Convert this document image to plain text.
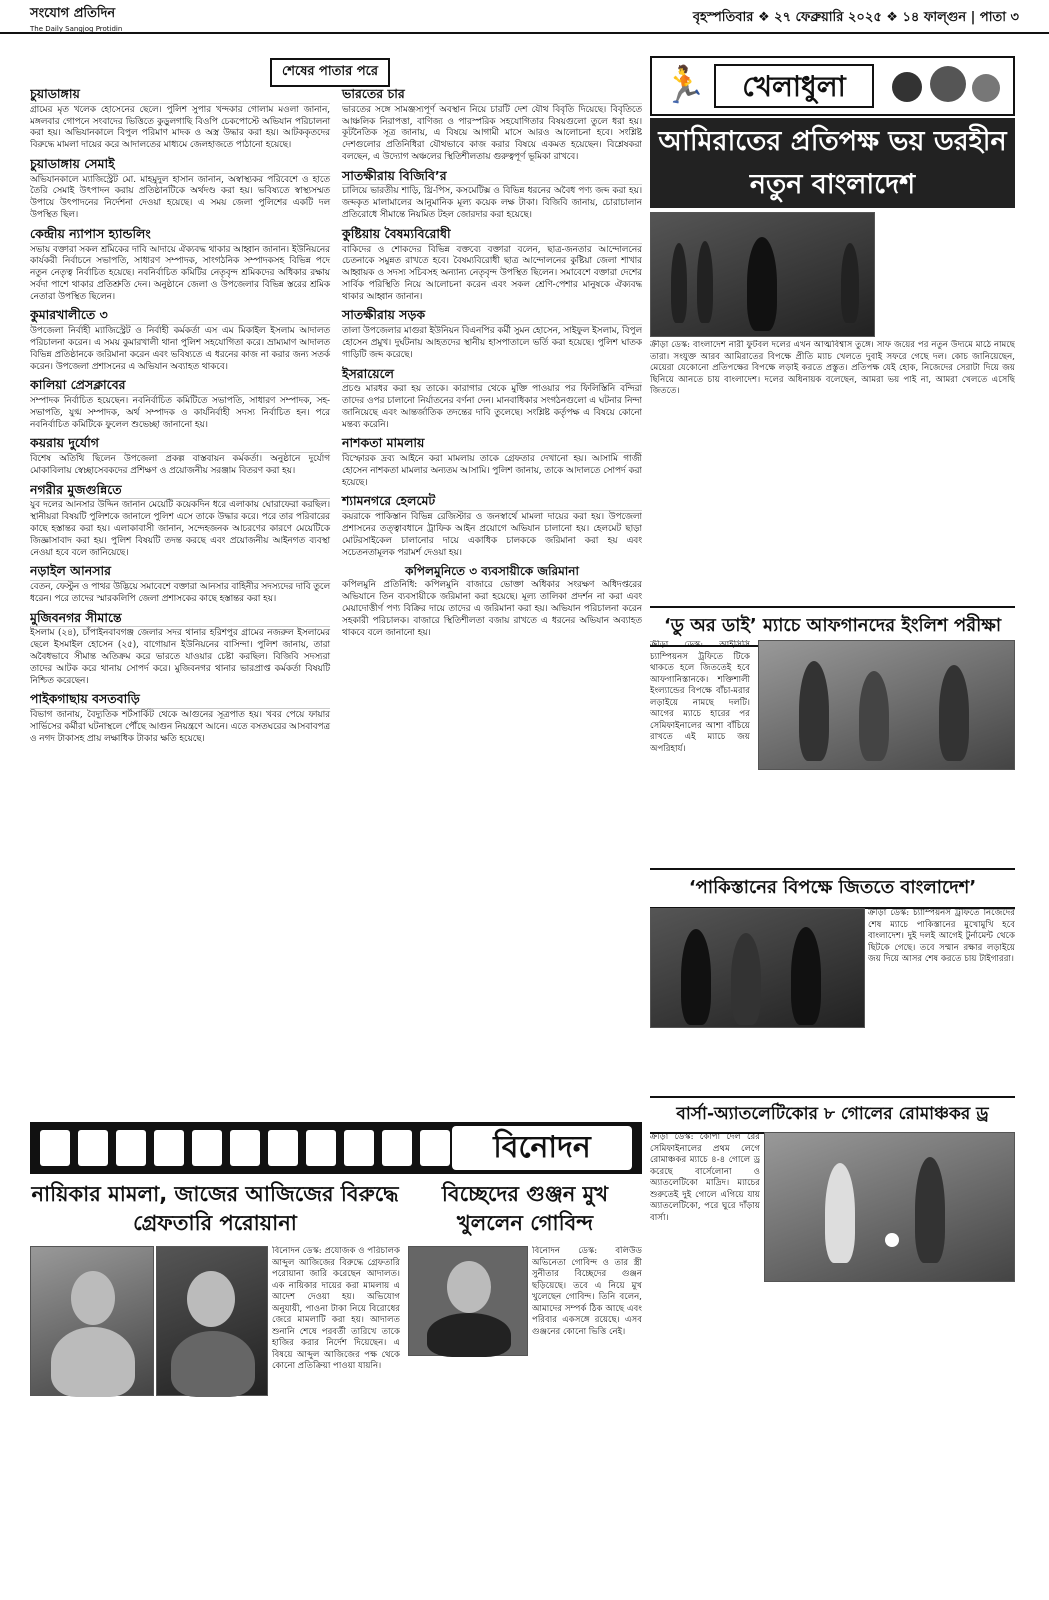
সংযোগ প্রতিদিন
The Daily Sangjog Protidin
বৃহস্পতিবার ❖ ২৭ ফেব্রুয়ারি ২০২৫ ❖ ১৪ ফাল্গুন | পাতা ৩
শেষের পাতার পরে
চুয়াডাঙ্গায়
গ্রামের মৃত খলেক হোসেনের ছেলে। পুলিশ সুপার খন্দকার গোলাম মওলা জানান, মঙ্গলবার গোপনে সংবাদের ভিত্তিতে কুড়ুলগাছি বিওপি চেকপোস্টে অভিযান পরিচালনা করা হয়। অভিযানকালে বিপুল পরিমাণ মাদক ও অস্ত্র উদ্ধার করা হয়। আটককৃতদের বিরুদ্ধে মামলা দায়ের করে আদালতের মাধ্যমে জেলহাজতে পাঠানো হয়েছে।
চুয়াডাঙ্গায় সেমাই
অভিযানকালে ম্যাজিস্ট্রেট মো. মাহমুদুল হাসান জানান, অস্বাস্থ্যকর পরিবেশে ও হাতে তৈরি সেমাই উৎপাদন করায় প্রতিষ্ঠানটিকে অর্থদণ্ড করা হয়। ভবিষ্যতে স্বাস্থ্যসম্মত উপায়ে উৎপাদনের নির্দেশনা দেওয়া হয়েছে। এ সময় জেলা পুলিশের একটি দল উপস্থিত ছিল।
কেন্দ্রীয় ন্যাপাস হ্যান্ডলিং
সভায় বক্তারা সকল শ্রমিকের দাবি আদায়ে ঐক্যবদ্ধ থাকার আহ্বান জানান। ইউনিয়নের কার্যকরী নির্বাচনে সভাপতি, সাধারণ সম্পাদক, সাংগঠনিক সম্পাদকসহ বিভিন্ন পদে নতুন নেতৃত্ব নির্বাচিত হয়েছে। নবনির্বাচিত কমিটির নেতৃবৃন্দ শ্রমিকদের অধিকার রক্ষায় সর্বদা পাশে থাকার প্রতিশ্রুতি দেন। অনুষ্ঠানে জেলা ও উপজেলার বিভিন্ন স্তরের শ্রমিক নেতারা উপস্থিত ছিলেন।
কুমারখালীতে ৩
উপজেলা নির্বাহী ম্যাজিস্ট্রেট ও নির্বাহী কর্মকর্তা এস এম মিকাইল ইসলাম আদালত পরিচালনা করেন। এ সময় কুমারখালী থানা পুলিশ সহযোগিতা করে। ভ্রাম্যমাণ আদালত বিভিন্ন প্রতিষ্ঠানকে জরিমানা করেন এবং ভবিষ্যতে এ ধরনের কাজ না করার জন্য সতর্ক করেন। উপজেলা প্রশাসনের এ অভিযান অব্যাহত থাকবে।
কালিয়া প্রেসক্লাবের
সম্পাদক নির্বাচিত হয়েছেন। নবনির্বাচিত কমিটিতে সভাপতি, সাধারণ সম্পাদক, সহ-সভাপতি, যুগ্ম সম্পাদক, অর্থ সম্পাদক ও কার্যনির্বাহী সদস্য নির্বাচিত হন। পরে নবনির্বাচিত কমিটিকে ফুলেল শুভেচ্ছা জানানো হয়।
কয়রায় দুর্যোগ
বিশেষ অতিথি ছিলেন উপজেলা প্রকল্প বাস্তবায়ন কর্মকর্তা। অনুষ্ঠানে দুর্যোগ মোকাবিলায় স্বেচ্ছাসেবকদের প্রশিক্ষণ ও প্রয়োজনীয় সরঞ্জাম বিতরণ করা হয়।
নগরীর মুজগুন্নিতে
যুব দলের আনসার উদ্দিন জানান মেয়েটি কয়েকদিন ধরে এলাকায় ঘোরাফেরা করছিল। স্থানীয়রা বিষয়টি পুলিশকে জানালে পুলিশ এসে তাকে উদ্ধার করে। পরে তার পরিবারের কাছে হস্তান্তর করা হয়। এলাকাবাসী জানান, সন্দেহজনক আচরণের কারণে মেয়েটিকে জিজ্ঞাসাবাদ করা হয়। পুলিশ বিষয়টি তদন্ত করছে এবং প্রয়োজনীয় আইনগত ব্যবস্থা নেওয়া হবে বলে জানিয়েছে।
নড়াইল আনসার
বেতন, ফেস্টুন ও পাথর উদ্ভিয়ে সমাবেশে বক্তারা আনসার বাহিনীর সদস্যদের দাবি তুলে ধরেন। পরে তাদের স্মারকলিপি জেলা প্রশাসকের কাছে হস্তান্তর করা হয়।
মুজিবনগর সীমান্তে
ইসলাম (২৪), চাঁপাইনবাবগঞ্জ জেলার সদর থানার হরিশপুর গ্রামের নজরুল ইসলামের ছেলে ইসমাইল হোসেন (২৫), বাগোয়ান ইউনিয়নের বাসিন্দা। পুলিশ জানায়, তারা অবৈধভাবে সীমান্ত অতিক্রম করে ভারতে যাওয়ার চেষ্টা করছিল। বিজিবি সদস্যরা তাদের আটক করে থানায় সোপর্দ করে। মুজিবনগর থানার ভারপ্রাপ্ত কর্মকর্তা বিষয়টি নিশ্চিত করেছেন।
পাইকগাছায় বসতবাড়ি
বিভাগ জানায়, বৈদ্যুতিক শর্টসার্কিট থেকে আগুনের সূত্রপাত হয়। খবর পেয়ে ফায়ার সার্ভিসের কর্মীরা ঘটনাস্থলে পৌঁছে আগুন নিয়ন্ত্রণে আনে। এতে বসতঘরের আসবাবপত্র ও নগদ টাকাসহ প্রায় লক্ষাধিক টাকার ক্ষতি হয়েছে।
ভারতের চার
ভারতের সঙ্গে সামঞ্জস্যপূর্ণ অবস্থান নিয়ে চারটি দেশ যৌথ বিবৃতি দিয়েছে। বিবৃতিতে আঞ্চলিক নিরাপত্তা, বাণিজ্য ও পারস্পরিক সহযোগিতার বিষয়গুলো তুলে ধরা হয়। কূটনৈতিক সূত্র জানায়, এ বিষয়ে আগামী মাসে আরও আলোচনা হবে। সংশ্লিষ্ট দেশগুলোর প্রতিনিধিরা যৌথভাবে কাজ করার বিষয়ে একমত হয়েছেন। বিশ্লেষকরা বলছেন, এ উদ্যোগ অঞ্চলের স্থিতিশীলতায় গুরুত্বপূর্ণ ভূমিকা রাখবে।
সাতক্ষীরায় বিজিবি’র
চালিয়ে ভারতীয় শাড়ি, থ্রি-পিস, কসমেটিক্স ও বিভিন্ন ধরনের অবৈধ পণ্য জব্দ করা হয়। জব্দকৃত মালামালের আনুমানিক মূল্য কয়েক লক্ষ টাকা। বিজিবি জানায়, চোরাচালান প্রতিরোধে সীমান্তে নিয়মিত টহল জোরদার করা হয়েছে।
কুষ্টিয়ায় বৈষম্যবিরোধী
বাকিদের ও শোকদের বিভিন্ন বক্তব্যে বক্তারা বলেন, ছাত্র-জনতার আন্দোলনের চেতনাকে সমুন্নত রাখতে হবে। বৈষম্যবিরোধী ছাত্র আন্দোলনের কুষ্টিয়া জেলা শাখার আহ্বায়ক ও সদস্য সচিবসহ অন্যান্য নেতৃবৃন্দ উপস্থিত ছিলেন। সমাবেশে বক্তারা দেশের সার্বিক পরিস্থিতি নিয়ে আলোচনা করেন এবং সকল শ্রেণি-পেশার মানুষকে ঐক্যবদ্ধ থাকার আহ্বান জানান।
সাতক্ষীরায় সড়ক
তালা উপজেলার মাগুরা ইউনিয়ন বিএনপির কর্মী সুমন হোসেন, সাইফুল ইসলাম, বিপুল হোসেন প্রমুখ। দুর্ঘটনায় আহতদের স্থানীয় হাসপাতালে ভর্তি করা হয়েছে। পুলিশ ঘাতক গাড়িটি জব্দ করেছে।
ইসরায়েলে
প্রচণ্ড মারধর করা হয় তাকে। কারাগার থেকে মুক্তি পাওয়ার পর ফিলিস্তিনি বন্দিরা তাদের ওপর চালানো নির্যাতনের বর্ণনা দেন। মানবাধিকার সংগঠনগুলো এ ঘটনার নিন্দা জানিয়েছে এবং আন্তর্জাতিক তদন্তের দাবি তুলেছে। সংশ্লিষ্ট কর্তৃপক্ষ এ বিষয়ে কোনো মন্তব্য করেনি।
নাশকতা মামলায়
বিস্ফোরক দ্রব্য আইনে করা মামলায় তাকে গ্রেফতার দেখানো হয়। আসামি গাজী হোসেন নাশকতা মামলার অন্যতম আসামি। পুলিশ জানায়, তাকে আদালতে সোপর্দ করা হয়েছে।
শ্যামনগরে হেলমেট
কয়রাকে পাকিস্তান বিভিন্ন রেজিস্টার ও জনস্বার্থে মামলা দায়ের করা হয়। উপজেলা প্রশাসনের তত্ত্বাবধানে ট্রাফিক আইন প্রয়োগে অভিযান চালানো হয়। হেলমেট ছাড়া মোটরসাইকেল চালানোর দায়ে একাধিক চালককে জরিমানা করা হয় এবং সচেতনতামূলক পরামর্শ দেওয়া হয়।
কপিলমুনিতে ৩ ব্যবসায়ীকে জরিমানা
কপিলমুনি প্রতিনিধি: কপিলমুনি বাজারে ভোক্তা অধিকার সংরক্ষণ অধিদপ্তরের অভিযানে তিন ব্যবসায়ীকে জরিমানা করা হয়েছে। মূল্য তালিকা প্রদর্শন না করা এবং মেয়াদোত্তীর্ণ পণ্য বিক্রির দায়ে তাদের এ জরিমানা করা হয়। অভিযান পরিচালনা করেন সহকারী পরিচালক। বাজারে স্থিতিশীলতা বজায় রাখতে এ ধরনের অভিযান অব্যাহত থাকবে বলে জানানো হয়।
বিনোদন
নায়িকার মামলা, জাজের আজিজের বিরুদ্ধে গ্রেফতারি পরোয়ানা
বিচ্ছেদের গুঞ্জন মুখ খুললেন গোবিন্দ
বিনোদন ডেস্ক: প্রযোজক ও পরিচালক আব্দুল আজিজের বিরুদ্ধে গ্রেফতারি পরোয়ানা জারি করেছেন আদালত। এক নায়িকার দায়ের করা মামলায় এ আদেশ দেওয়া হয়। অভিযোগ অনুযায়ী, পাওনা টাকা নিয়ে বিরোধের জেরে মামলাটি করা হয়। আদালত শুনানি শেষে পরবর্তী তারিখে তাকে হাজির করার নির্দেশ দিয়েছেন। এ বিষয়ে আব্দুল আজিজের পক্ষ থেকে কোনো প্রতিক্রিয়া পাওয়া যায়নি।
বিনোদন ডেস্ক: বলিউড অভিনেতা গোবিন্দ ও তার স্ত্রী সুনীতার বিচ্ছেদের গুঞ্জন ছড়িয়েছে। তবে এ নিয়ে মুখ খুলেছেন গোবিন্দ। তিনি বলেন, আমাদের সম্পর্ক ঠিক আছে এবং পরিবার একসঙ্গে রয়েছে। এসব গুঞ্জনের কোনো ভিত্তি নেই।
🏃	খেলাধুলা
আমিরাতের প্রতিপক্ষ ভয় ডরহীন নতুন বাংলাদেশ
ক্রীড়া ডেস্ক: বাংলাদেশ নারী ফুটবল দলের এখন আত্মবিশ্বাস তুঙ্গে। সাফ জয়ের পর নতুন উদ্যমে মাঠে নামছে তারা। সংযুক্ত আরব আমিরাতের বিপক্ষে প্রীতি ম্যাচ খেলতে দুবাই সফরে গেছে দল। কোচ জানিয়েছেন, মেয়েরা যেকোনো প্রতিপক্ষের বিপক্ষে লড়াই করতে প্রস্তুত। প্রতিপক্ষ যেই হোক, নিজেদের সেরাটা দিয়ে জয় ছিনিয়ে আনতে চায় বাংলাদেশ। দলের অধিনায়ক বলেছেন, আমরা ভয় পাই না, আমরা খেলতে এসেছি জিততে।
‘ডু অর ডাই’ ম্যাচে আফগানদের ইংলিশ পরীক্ষা
ক্রীড়া ডেস্ক: আইসিসি চ্যাম্পিয়নস ট্রফিতে টিকে থাকতে হলে জিততেই হবে আফগানিস্তানকে। শক্তিশালী ইংল্যান্ডের বিপক্ষে বাঁচা-মরার লড়াইয়ে নামছে দলটি। আগের ম্যাচে হারের পর সেমিফাইনালের আশা বাঁচিয়ে রাখতে এই ম্যাচে জয় অপরিহার্য।
‘পাকিস্তানের বিপক্ষে জিততে বাংলাদেশ’
ক্রীড়া ডেস্ক: চ্যাম্পিয়নস ট্রফিতে নিজেদের শেষ ম্যাচে পাকিস্তানের মুখোমুখি হবে বাংলাদেশ। দুই দলই আগেই টুর্নামেন্ট থেকে ছিটকে গেছে। তবে সম্মান রক্ষার লড়াইয়ে জয় দিয়ে আসর শেষ করতে চায় টাইগাররা।
বার্সা-অ্যাতলেটিকোর ৮ গোলের রোমাঞ্চকর ড্র
ক্রীড়া ডেস্ক: কোপা দেল রের সেমিফাইনালের প্রথম লেগে রোমাঞ্চকর ম্যাচে ৪-৪ গোলে ড্র করেছে বার্সেলোনা ও অ্যাতলেটিকো মাদ্রিদ। ম্যাচের শুরুতেই দুই গোলে এগিয়ে যায় অ্যাতলেটিকো, পরে ঘুরে দাঁড়ায় বার্সা।
